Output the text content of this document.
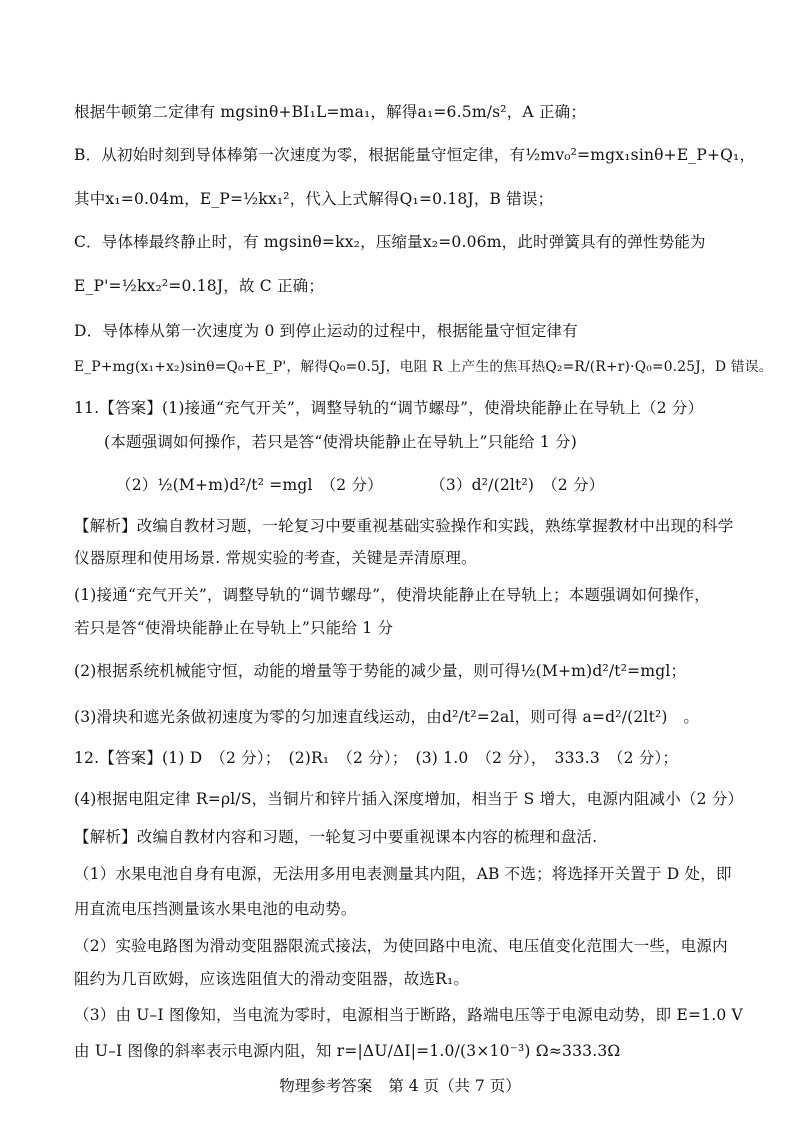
根据牛顿第二定律有 mgsinθ+BI₁L=ma₁，解得a₁=6.5m/s²，A 正确；
B．从初始时刻到导体棒第一次速度为零，根据能量守恒定律，有½mv₀²=mgx₁sinθ+E_P+Q₁，
其中x₁=0.04m，E_P=½kx₁²，代入上式解得Q₁=0.18J，B 错误；
C．导体棒最终静止时，有 mgsinθ=kx₂，压缩量x₂=0.06m，此时弹簧具有的弹性势能为
E_P'=½kx₂²=0.18J，故 C 正确；
D．导体棒从第一次速度为 0 到停止运动的过程中，根据能量守恒定律有
E_P+mg(x₁+x₂)sinθ=Q₀+E_P'，解得Q₀=0.5J，电阻 R 上产生的焦耳热Q₂=R/(R+r)·Q₀=0.25J，D 错误。
11.【答案】(1)接通“充气开关”，调整导轨的“调节螺母”，使滑块能静止在导轨上（2 分）
(本题强调如何操作，若只是答“使滑块能静止在导轨上”只能给 1 分)
（2）½(M+m)d²/t² =mgl　（2 分）　　　　（3）d²/(2lt²)　（2 分）
【解析】改编自教材习题，一轮复习中要重视基础实验操作和实践，熟练掌握教材中出现的科学
仪器原理和使用场景. 常规实验的考查，关键是弄清原理。
(1)接通“充气开关”，调整导轨的“调节螺母”，使滑块能静止在导轨上；本题强调如何操作，
若只是答“使滑块能静止在导轨上”只能给 1 分
(2)根据系统机械能守恒，动能的增量等于势能的减少量，则可得½(M+m)d²/t²=mgl；
(3)滑块和遮光条做初速度为零的匀加速直线运动，由d²/t²=2al，则可得 a=d²/(2lt²)　。
12.【答案】(1) D　（2 分）；　(2)R₁　（2 分）；　(3) 1.0　（2 分），　333.3　（2 分）；
(4)根据电阻定律 R=ρl/S，当铜片和锌片插入深度增加，相当于 S 增大，电源内阻减小（2 分）
【解析】改编自教材内容和习题，一轮复习中要重视课本内容的梳理和盘活.
（1）水果电池自身有电源，无法用多用电表测量其内阻，AB 不选；将选择开关置于 D 处，即
用直流电压挡测量该水果电池的电动势。
（2）实验电路图为滑动变阻器限流式接法，为使回路中电流、电压值变化范围大一些，电源内
阻约为几百欧姆，应该选阻值大的滑动变阻器，故选R₁。
（3）由 U–I 图像知，当电流为零时，电源相当于断路，路端电压等于电源电动势，即 E=1.0 V
由 U–I 图像的斜率表示电源内阻，知 r=|ΔU/ΔI|=1.0/(3×10⁻³) Ω≈333.3Ω
物理参考答案 第 4 页（共 7 页）
